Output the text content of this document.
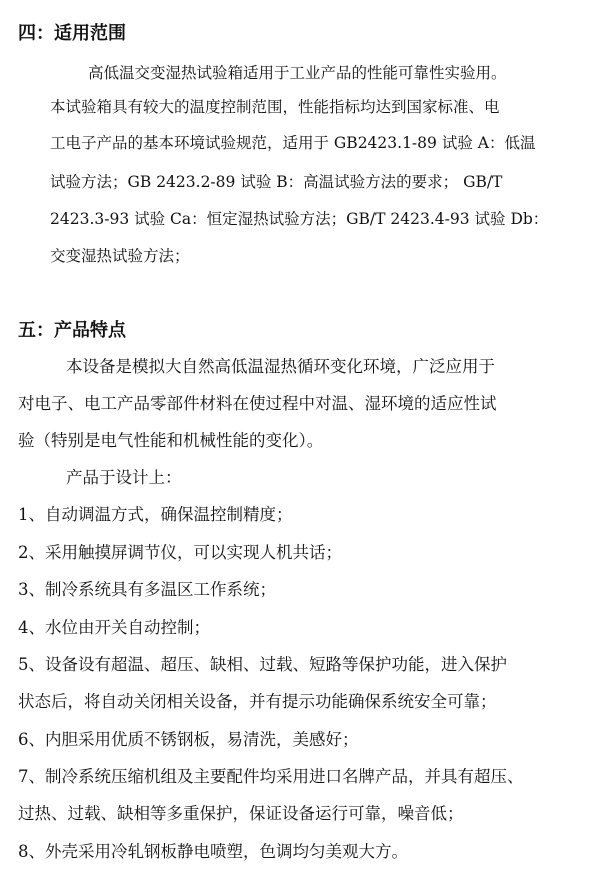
四：适用范围
高低温交变湿热试验箱适用于工业产品的性能可靠性实验用。
本试验箱具有较大的温度控制范围，性能指标均达到国家标准、电
工电子产品的基本环境试验规范，适用于 GB2423.1-89 试验 A：低温
试验方法；GB 2423.2-89 试验 B：高温试验方法的要求； GB/T
2423.3-93 试验 Ca：恒定湿热试验方法；GB/T 2423.4-93 试验 Db：
交变湿热试验方法；
五：产品特点
本设备是模拟大自然高低温湿热循环变化环境，广泛应用于
对电子、电工产品零部件材料在使过程中对温、湿环境的适应性试
验（特别是电气性能和机械性能的变化）。
产品于设计上：
1、自动调温方式，确保温控制精度；
2、采用触摸屏调节仪，可以实现人机共话；
3、制冷系统具有多温区工作系统；
4、水位由开关自动控制；
5、设备设有超温、超压、缺相、过载、短路等保护功能，进入保护
状态后，将自动关闭相关设备，并有提示功能确保系统安全可靠；
6、内胆采用优质不锈钢板，易清洗，美感好；
7、制冷系统压缩机组及主要配件均采用进口名牌产品，并具有超压、
过热、过载、缺相等多重保护，保证设备运行可靠，噪音低；
8、外壳采用冷轧钢板静电喷塑，色调均匀美观大方。
